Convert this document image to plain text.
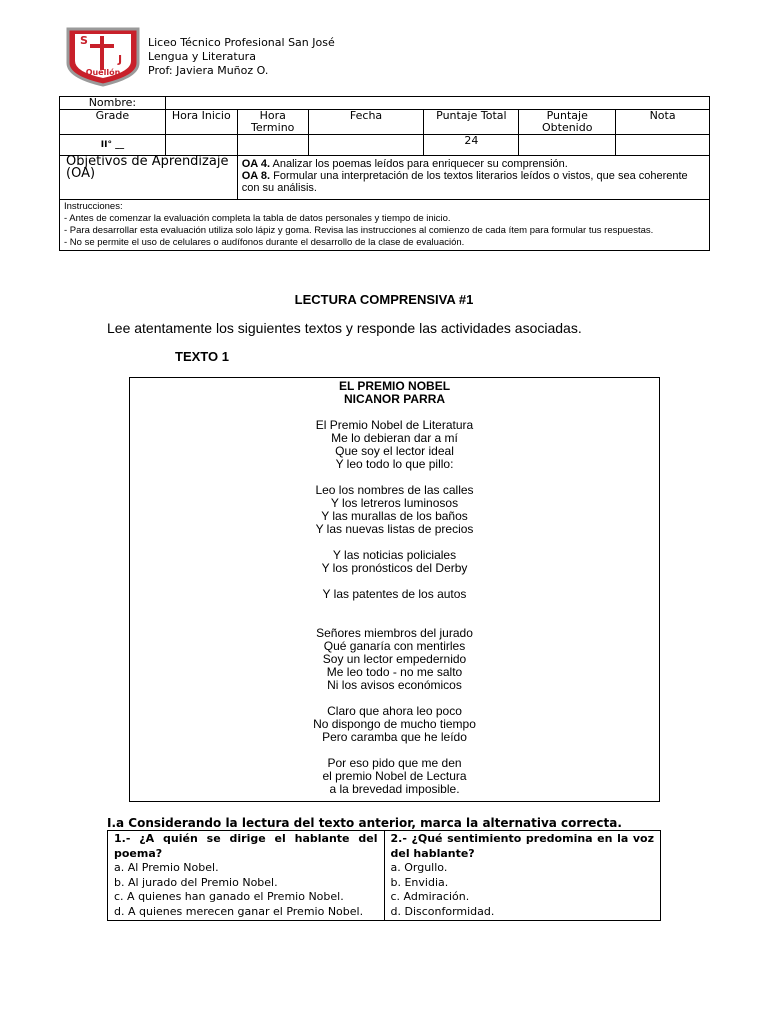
S
J
Quellón
Liceo Técnico Profesional San José
Lengua y Literatura
Prof: Javiera Muñoz O.
Nombre:						
Grade	Hora Inicio	Hora Termino	Fecha	Puntaje Total	Puntaje Obtenido	Nota
II° __				24		
Objetivos de Aprendizaje (OA)		OA 4. Analizar los poemas leídos para enriquecer su comprensión.
OA 8. Formular una interpretación de los textos literarios leídos o vistos, que sea coherente con su análisis.				

Instrucciones:
- Antes de comenzar la evaluación completa la tabla de datos personales y tiempo de inicio.
- Para desarrollar esta evaluación utiliza solo lápiz y goma. Revisa las instrucciones al comienzo de cada ítem para formular tus respuestas.
- No se permite el uso de celulares o audífonos durante el desarrollo de la clase de evaluación.						
LECTURA COMPRENSIVA #1
Lee atentamente los siguientes textos y responde las actividades asociadas.
TEXTO 1
EL PREMIO NOBEL
NICANOR PARRA
El Premio Nobel de Literatura
Me lo debieran dar a mí
Que soy el lector ideal
Y leo todo lo que pillo:
Leo los nombres de las calles
Y los letreros luminosos
Y las murallas de los baños
Y las nuevas listas de precios
Y las noticias policiales
Y los pronósticos del Derby
Y las patentes de los autos
Señores miembros del jurado
Qué ganaría con mentirles
Soy un lector empedernido
Me leo todo - no me salto
Ni los avisos económicos
Claro que ahora leo poco
No dispongo de mucho tiempo
Pero caramba que he leído
Por eso pido que me den
el premio Nobel de Lectura
a la brevedad imposible.
I.a Considerando la lectura del texto anterior, marca la alternativa correcta.
1.- ¿A quién se dirige el hablante del poema?
a. Al Premio Nobel.
b. Al jurado del Premio Nobel.
c. A quienes han ganado el Premio Nobel.
d. A quienes merecen ganar el Premio Nobel.

2.- ¿Qué sentimiento predomina en la voz del hablante?
a. Orgullo.
b. Envidia.
c. Admiración.
d. Disconformidad.
